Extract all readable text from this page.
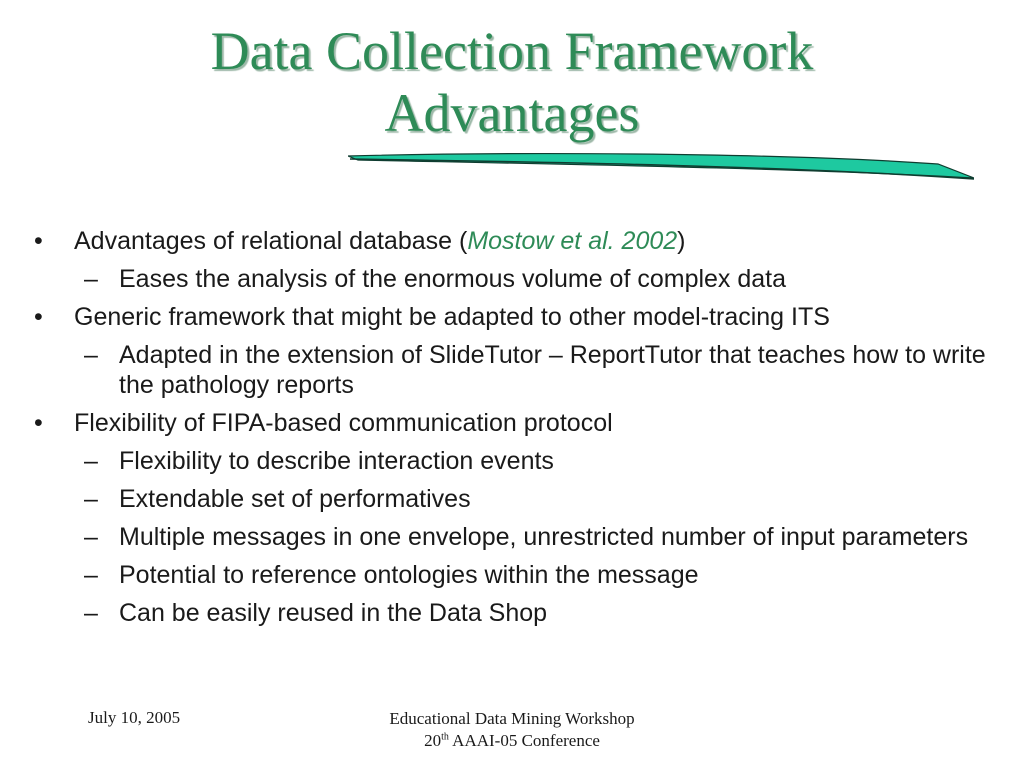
Data Collection Framework
Advantages
•	Advantages of relational database (Mostow et al. 2002)
– Eases the analysis of the enormous volume of complex data
•	Generic framework that might be adapted to other model-tracing ITS
– Adapted in the extension of SlideTutor – ReportTutor that teaches how to write the pathology reports
•	Flexibility of FIPA-based communication protocol
– Flexibility to describe interaction events
– Extendable set of performatives
– Multiple messages in one envelope, unrestricted number of input parameters
– Potential to reference ontologies within the message
– Can be easily reused in the Data Shop
July 10, 2005	Educational Data Mining Workshop
20th AAAI-05 Conference
